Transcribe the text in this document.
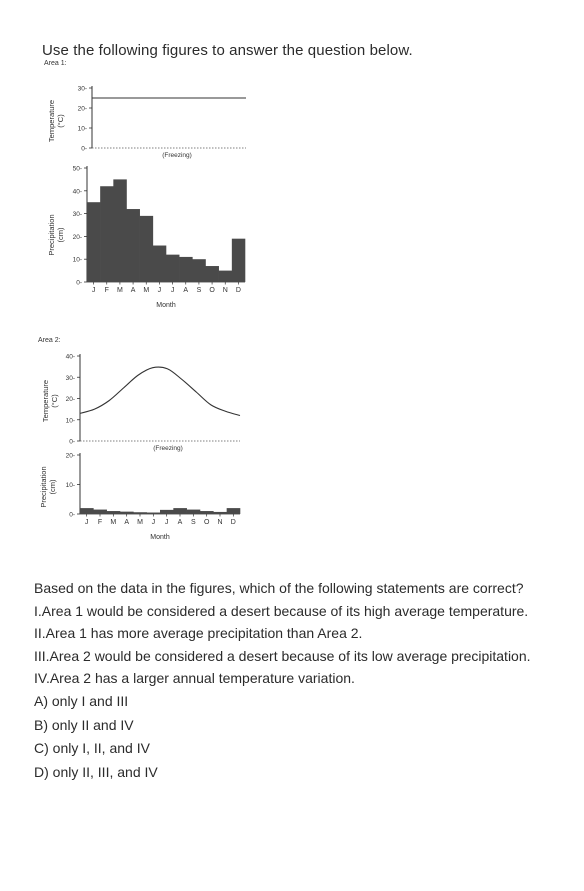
Use the following figures to answer the question below.

Area 1:
Area 2:
Temperature
(°C)
Precipitation
(cm)
Temperature
(°C)
Precipitation
(cm)
0-
10-
20-
30-
(Freezing)
0-
10-
20-
30-
40-
50-
J F M A M J J A S O N D
Month
0-
10-
20-
30-
40-
(Freezing)
0-
10-
20-
J F M A M J J A S O N D
Month

Based on the data in the figures, which of the following statements are correct?

I.Area 1 would be considered a desert because of its high average temperature.

II.Area 1 has more average precipitation than Area 2.

III.Area 2 would be considered a desert because of its low average precipitation.

IV.Area 2 has a larger annual temperature variation.

A) only I and III

B) only II and IV

C) only I, II, and IV

D) only II, III, and IV
